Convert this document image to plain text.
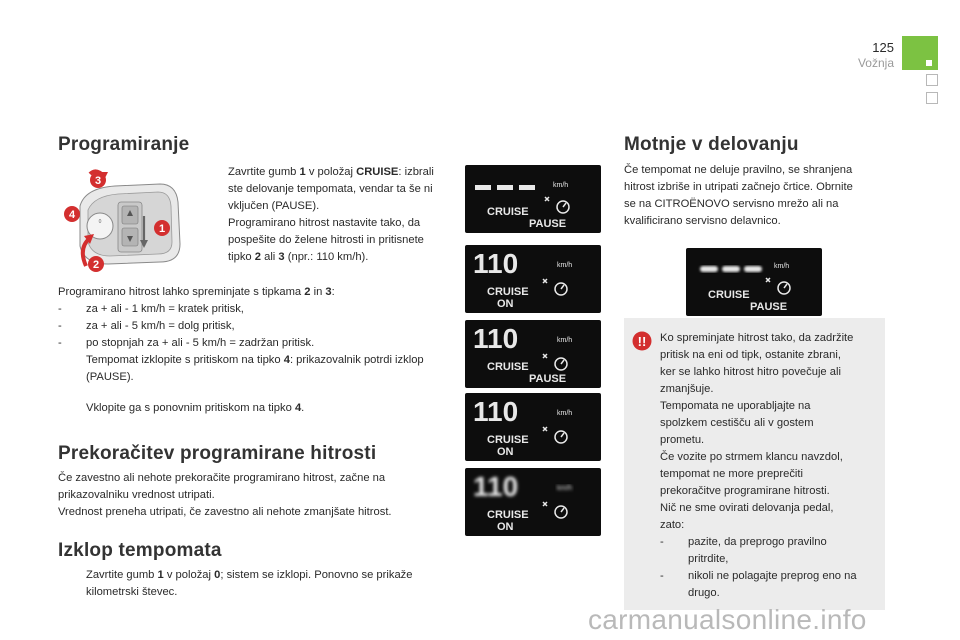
125
Vožnja
Programiranje
0
3
4
1
2
Zavrtite gumb 1 v položaj CRUISE: izbrali
ste delovanje tempomata, vendar ta še ni
vključen (PAUSE).
Programirano hitrost nastavite tako, da
pospešite do želene hitrosti in pritisnete
tipko 2 ali 3 (npr.: 110 km/h).
Programirano hitrost lahko spreminjate s tipkama 2 in 3:
- za + ali - 1 km/h = kratek pritisk,
- za + ali - 5 km/h = dolg pritisk,
- po stopnjah za + ali - 5 km/h = zadržan pritisk.
Tempomat izklopite s pritiskom na tipko 4: prikazovalnik potrdi izklop
(PAUSE).
Vklopite ga s ponovnim pritiskom na tipko 4.
Prekoračitev programirane hitrosti
Če zavestno ali nehote prekoračite programirano hitrost, začne na
prikazovalniku vrednost utripati.
Vrednost preneha utripati, če zavestno ali nehote zmanjšate hitrost.
Izklop tempomata
Zavrtite gumb 1 v položaj 0; sistem se izklopi. Ponovno se prikaže
kilometrski števec.
km/h
CRUISE
PAUSE
110	km/h
CRUISE
ON
110	km/h
CRUISE
PAUSE
110	km/h
CRUISE
ON
110	km/h
CRUISE
ON
Motnje v delovanju
Če tempomat ne deluje pravilno, se shranjena
hitrost izbriše in utripati začnejo črtice. Obrnite
se na CITROËNOVO servisno mrežo ali na
kvalificirano servisno delavnico.
km/h
CRUISE
PAUSE
!! Ko spreminjate hitrost tako, da zadržite
pritisk na eni od tipk, ostanite zbrani,
ker se lahko hitrost hitro povečuje ali
zmanjšuje.
Tempomata ne uporabljajte na
spolzkem cestišču ali v gostem
prometu.
Če vozite po strmem klancu navzdol,
tempomat ne more preprečiti
prekoračitve programirane hitrosti.
Nič ne sme ovirati delovanja pedal,
zato:
- pazite, da preprogo pravilno
pritrdite,
- nikoli ne polagajte preprog eno na
drugo.
carmanualsonline.info
